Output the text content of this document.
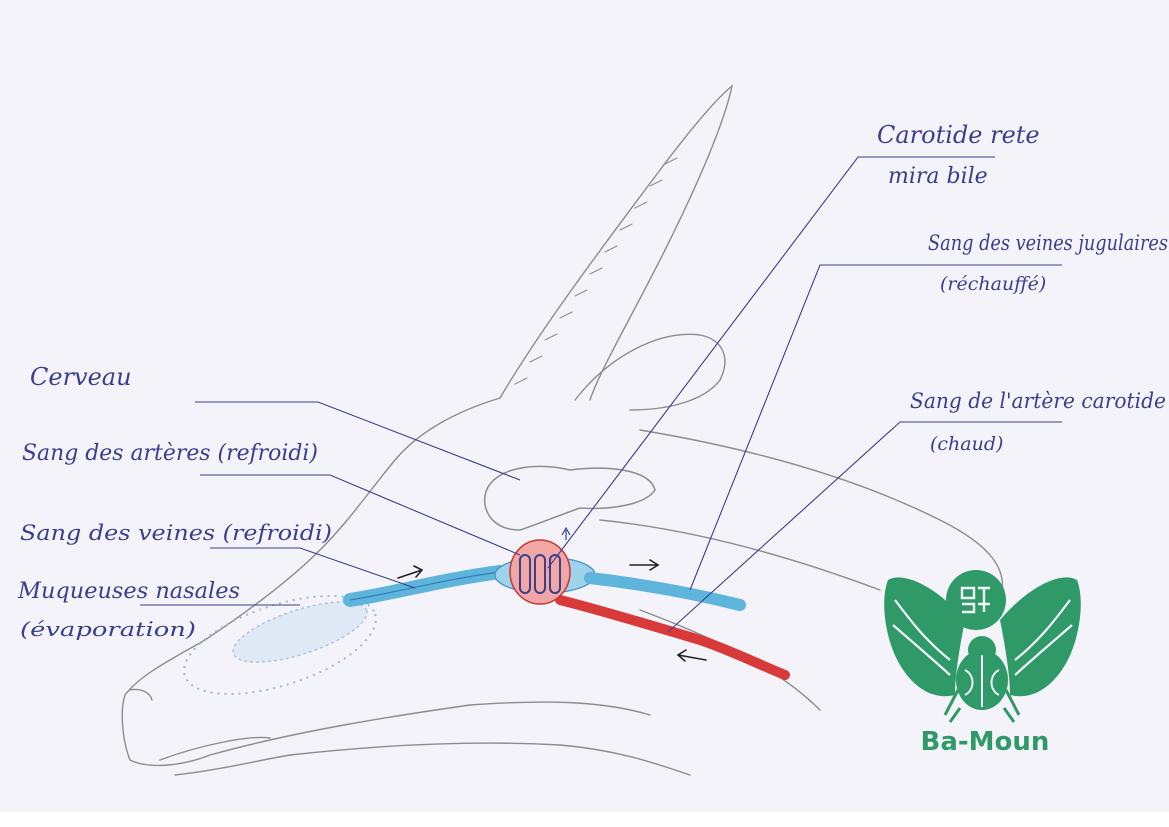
Carotide rete
mira bile
Sang des veines jugulaires
(réchauffé)
Sang de l'artère carotide
(chaud)
Cerveau
Sang des artères (refroidi)
Sang des veines (refroidi)
Muqueuses nasales
(évaporation)
Ba-Moun
